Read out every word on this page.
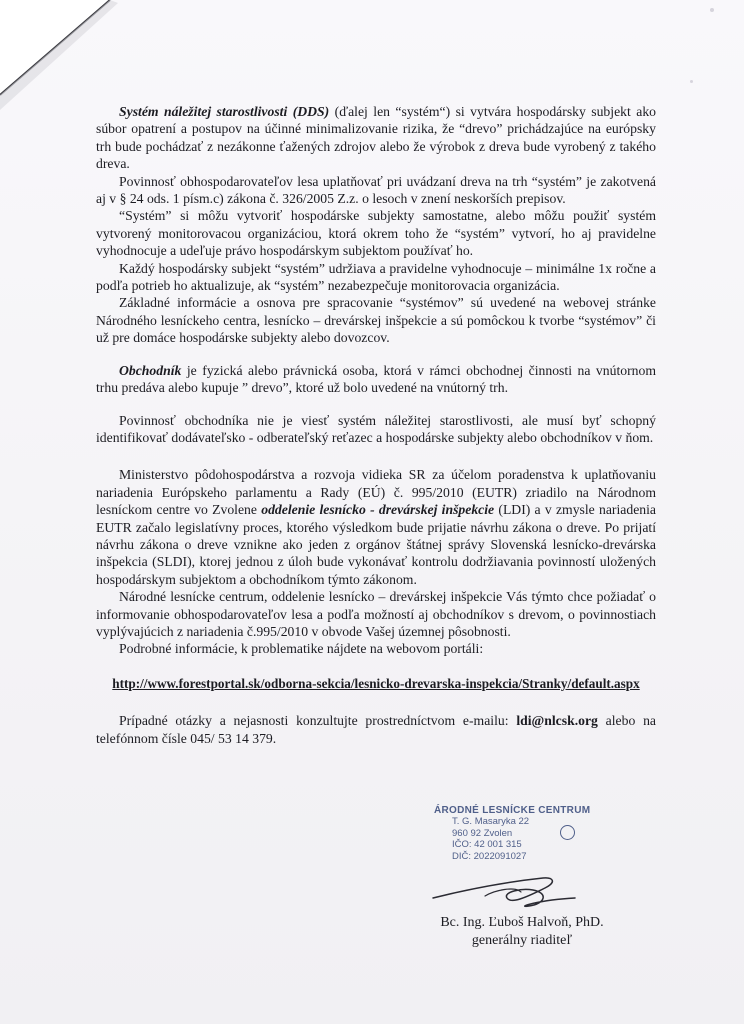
Systém náležitej starostlivosti (DDS) (ďalej len “systém“) si vytvára hospodársky subjekt ako súbor opatrení a postupov na účinné minimalizovanie rizika, že “drevo” prichádzajúce na európsky trh bude pochádzať z nezákonne ťažených zdrojov alebo že výrobok z dreva bude vyrobený z takého dreva.

Povinnosť obhospodarovateľov lesa uplatňovať pri uvádzaní dreva na trh “systém” je zakotvená aj v § 24 ods. 1 písm.c) zákona č. 326/2005 Z.z. o lesoch v znení neskorších prepisov.

“Systém” si môžu vytvoriť hospodárske subjekty samostatne, alebo môžu použiť systém vytvorený monitorovacou organizáciou, ktorá okrem toho že “systém” vytvorí, ho aj pravidelne vyhodnocuje a udeľuje právo hospodárskym subjektom používať ho.

Každý hospodársky subjekt “systém” udržiava a pravidelne vyhodnocuje – minimálne 1x ročne a podľa potrieb ho aktualizuje, ak “systém” nezabezpečuje monitorovacia organizácia.

Základné informácie a osnova pre spracovanie “systémov” sú uvedené na webovej stránke Národného lesníckeho centra, lesnícko – drevárskej inšpekcie a sú pomôckou k tvorbe “systémov” či už pre domáce hospodárske subjekty alebo dovozcov.

Obchodník je fyzická alebo právnická osoba, ktorá v rámci obchodnej činnosti na vnútornom trhu predáva alebo kupuje ” drevo”, ktoré už bolo uvedené na vnútorný trh.

Povinnosť obchodníka nie je viesť systém náležitej starostlivosti, ale musí byť schopný identifikovať dodávateľsko - odberateľský reťazec a hospodárske subjekty alebo obchodníkov v ňom.

Ministerstvo pôdohospodárstva a rozvoja vidieka SR za účelom poradenstva k uplatňovaniu nariadenia Európskeho parlamentu a Rady (EÚ) č. 995/2010 (EUTR) zriadilo na Národnom lesníckom centre vo Zvolene oddelenie lesnícko - drevárskej inšpekcie (LDI) a v zmysle nariadenia EUTR začalo legislatívny proces, ktorého výsledkom bude prijatie návrhu zákona o dreve. Po prijatí návrhu zákona o dreve vznikne ako jeden z orgánov štátnej správy Slovenská lesnícko-drevárska inšpekcia (SLDI), ktorej jednou z úloh bude vykonávať kontrolu dodržiavania povinností uložených hospodárskym subjektom a obchodníkom týmto zákonom.

Národné lesnícke centrum, oddelenie lesnícko – drevárskej inšpekcie Vás týmto chce požiadať o informovanie obhospodarovateľov lesa a podľa možností aj obchodníkov s drevom, o povinnostiach vyplývajúcich z nariadenia č.995/2010 v obvode Vašej územnej pôsobnosti.

Podrobné informácie, k problematike nájdete na webovom portáli:

http://www.forestportal.sk/odborna-sekcia/lesnicko-drevarska-inspekcia/Stranky/default.aspx

Prípadné otázky a nejasnosti konzultujte prostredníctvom e-mailu: ldi@nlcsk.org alebo na telefónnom čísle 045/ 53 14 379.

ÁRODNÉ LESNÍCKE CENTRUM
T. G. Masaryka 22
960 92 Zvolen
IČO: 42 001 315
DIČ: 2022091027
Bc. Ing. Ľuboš Halvoň, PhD.
generálny riaditeľ
